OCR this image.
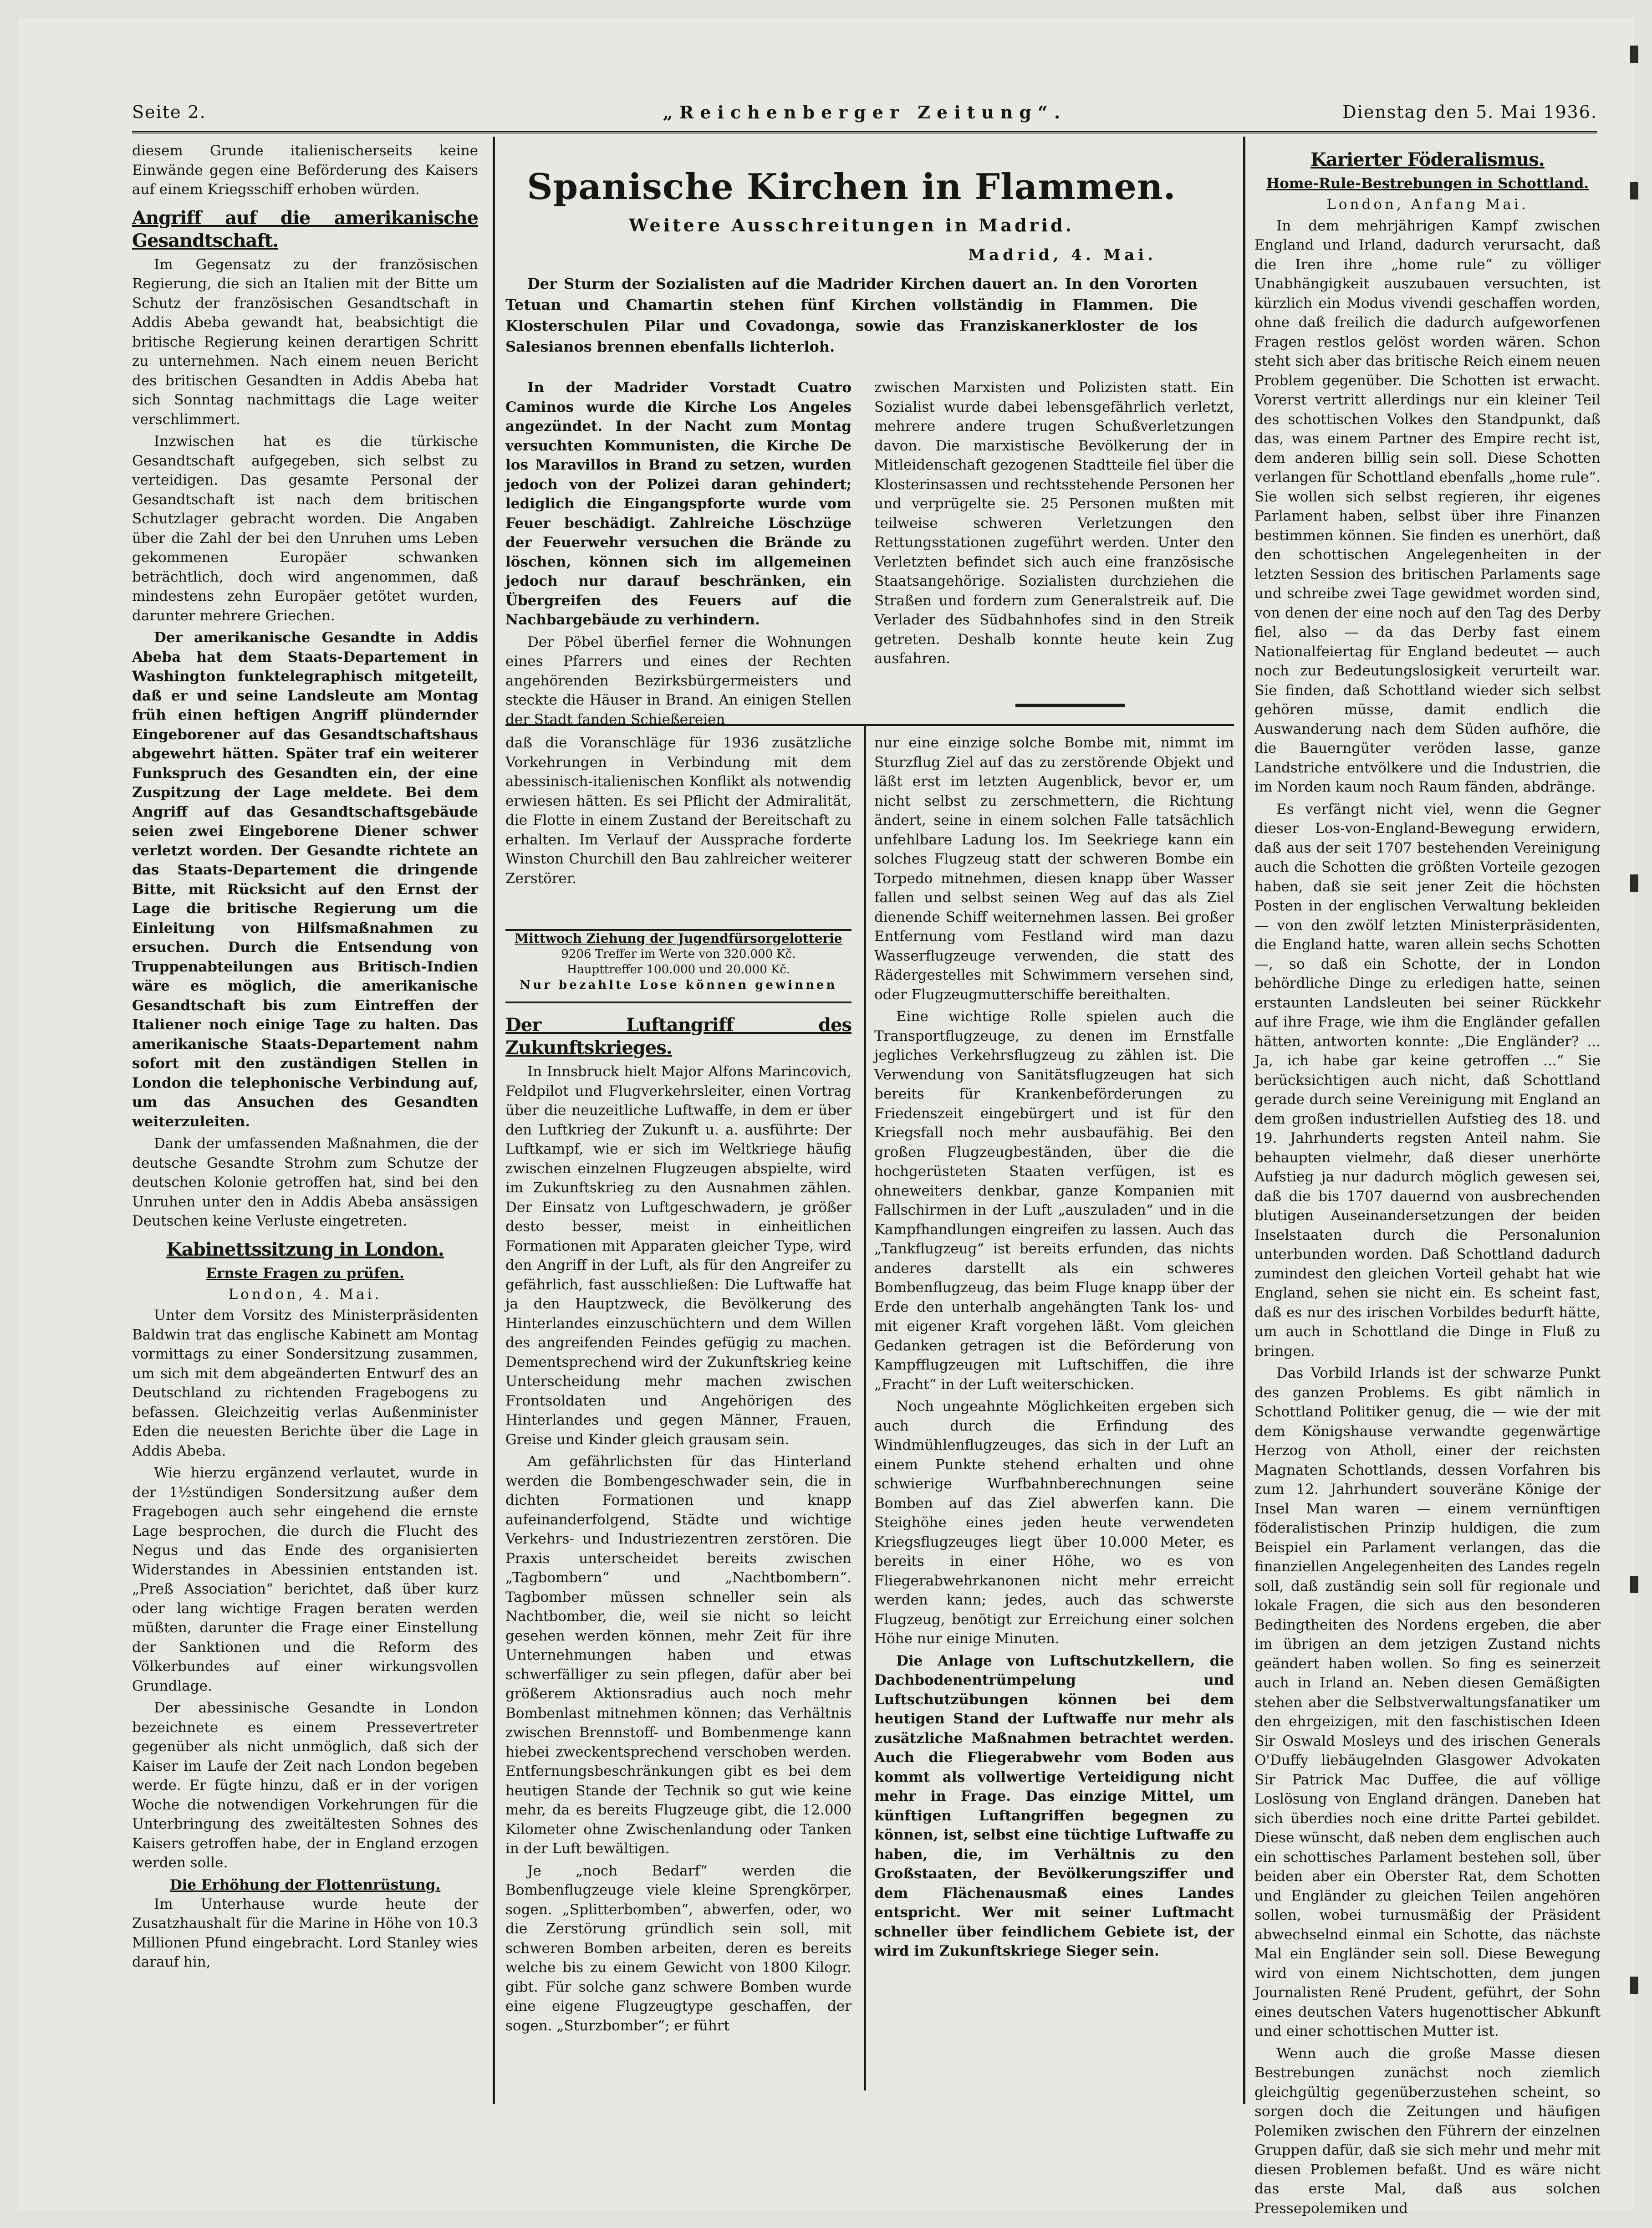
Seite 2.	„Reichenberger Zeitung“.	Dienstag den 5. Mai 1936.

diesem Grunde italienischerseits keine Einwände gegen eine Beförderung des Kaisers auf einem Kriegsschiff erhoben würden.

Angriff auf die amerikanische Gesandtschaft.

Im Gegensatz zu der französischen Regierung, die sich an Italien mit der Bitte um Schutz der französischen Gesandtschaft in Addis Abeba gewandt hat, beabsichtigt die britische Regierung keinen derartigen Schritt zu unternehmen. Nach einem neuen Bericht des britischen Gesandten in Addis Abeba hat sich Sonntag nachmittags die Lage weiter verschlimmert.

Inzwischen hat es die türkische Gesandtschaft aufgegeben, sich selbst zu verteidigen. Das gesamte Personal der Gesandtschaft ist nach dem britischen Schutzlager gebracht worden. Die Angaben über die Zahl der bei den Unruhen ums Leben gekommenen Europäer schwanken beträchtlich, doch wird angenommen, daß mindestens zehn Europäer getötet wurden, darunter mehrere Griechen.

Der amerikanische Gesandte in Addis Abeba hat dem Staats-Departement in Washington funktelegraphisch mitgeteilt, daß er und seine Landsleute am Montag früh einen heftigen Angriff plündernder Eingeborener auf das Gesandtschaftshaus abgewehrt hätten. Später traf ein weiterer Funkspruch des Gesandten ein, der eine Zuspitzung der Lage meldete. Bei dem Angriff auf das Gesandtschaftsgebäude seien zwei Eingeborene Diener schwer verletzt worden. Der Gesandte richtete an das Staats-Departement die dringende Bitte, mit Rücksicht auf den Ernst der Lage die britische Regierung um die Einleitung von Hilfsmaßnahmen zu ersuchen. Durch die Entsendung von Truppenabteilungen aus Britisch-Indien wäre es möglich, die amerikanische Gesandtschaft bis zum Eintreffen der Italiener noch einige Tage zu halten. Das amerikanische Staats-Departement nahm sofort mit den zuständigen Stellen in London die telephonische Verbindung auf, um das Ansuchen des Gesandten weiterzuleiten.

Dank der umfassenden Maßnahmen, die der deutsche Gesandte Strohm zum Schutze der deutschen Kolonie getroffen hat, sind bei den Unruhen unter den in Addis Abeba ansässigen Deutschen keine Verluste eingetreten.

Kabinettssitzung in London.
Ernste Fragen zu prüfen.
London, 4. Mai.

Unter dem Vorsitz des Ministerpräsidenten Baldwin trat das englische Kabinett am Montag vormittags zu einer Sondersitzung zusammen, um sich mit dem abgeänderten Entwurf des an Deutschland zu richtenden Fragebogens zu befassen. Gleichzeitig verlas Außenminister Eden die neuesten Berichte über die Lage in Addis Abeba.

Wie hierzu ergänzend verlautet, wurde in der 1½stündigen Sondersitzung außer dem Fragebogen auch sehr eingehend die ernste Lage besprochen, die durch die Flucht des Negus und das Ende des organisierten Widerstandes in Abessinien entstanden ist. „Preß Association“ berichtet, daß über kurz oder lang wichtige Fragen beraten werden müßten, darunter die Frage einer Einstellung der Sanktionen und die Reform des Völkerbundes auf einer wirkungsvollen Grundlage.

Der abessinische Gesandte in London bezeichnete es einem Pressevertreter gegenüber als nicht unmöglich, daß sich der Kaiser im Laufe der Zeit nach London begeben werde. Er fügte hinzu, daß er in der vorigen Woche die notwendigen Vorkehrungen für die Unterbringung des zweitältesten Sohnes des Kaisers getroffen habe, der in England erzogen werden solle.

Die Erhöhung der Flottenrüstung.

Im Unterhause wurde heute der Zusatzhaushalt für die Marine in Höhe von 10.3 Millionen Pfund eingebracht. Lord Stanley wies darauf hin,

Spanische Kirchen in Flammen.
Weitere Ausschreitungen in Madrid.
Madrid, 4. Mai.

Der Sturm der Sozialisten auf die Madrider Kirchen dauert an. In den Vororten Tetuan und Chamartin stehen fünf Kirchen vollständig in Flammen. Die Klosterschulen Pilar und Covadonga, sowie das Franziskanerkloster de los Salesianos brennen ebenfalls lichterloh.

In der Madrider Vorstadt Cuatro Caminos wurde die Kirche Los Angeles angezündet. In der Nacht zum Montag versuchten Kommunisten, die Kirche De los Maravillos in Brand zu setzen, wurden jedoch von der Polizei daran gehindert; lediglich die Eingangspforte wurde vom Feuer beschädigt. Zahlreiche Löschzüge der Feuerwehr versuchen die Brände zu löschen, können sich im allgemeinen jedoch nur darauf beschränken, ein Übergreifen des Feuers auf die Nachbargebäude zu verhindern.

Der Pöbel überfiel ferner die Wohnungen eines Pfarrers und eines der Rechten angehörenden Bezirksbürgermeisters und steckte die Häuser in Brand. An einigen Stellen der Stadt fanden Schießereien

zwischen Marxisten und Polizisten statt. Ein Sozialist wurde dabei lebensgefährlich verletzt, mehrere andere trugen Schußverletzungen davon. Die marxistische Bevölkerung der in Mitleidenschaft gezogenen Stadtteile fiel über die Klosterinsassen und rechtsstehende Personen her und verprügelte sie. 25 Personen mußten mit teilweise schweren Verletzungen den Rettungsstationen zugeführt werden. Unter den Verletzten befindet sich auch eine französische Staatsangehörige. Sozialisten durchziehen die Straßen und fordern zum Generalstreik auf. Die Verlader des Südbahnhofes sind in den Streik getreten. Deshalb konnte heute kein Zug ausfahren.

daß die Voranschläge für 1936 zusätzliche Vorkehrungen in Verbindung mit dem abessinisch-italienischen Konflikt als notwendig erwiesen hätten. Es sei Pflicht der Admiralität, die Flotte in einem Zustand der Bereitschaft zu erhalten. Im Verlauf der Aussprache forderte Winston Churchill den Bau zahlreicher weiterer Zerstörer.

Mittwoch Ziehung der Jugendfürsorgelotterie
9206 Treffer im Werte von 320.000 Kč.
Haupttreffer 100.000 und 20.000 Kč.
Nur bezahlte Lose können gewinnen
Der Luftangriff des Zukunftskrieges.

In Innsbruck hielt Major Alfons Marincovich, Feldpilot und Flugverkehrsleiter, einen Vortrag über die neuzeitliche Luftwaffe, in dem er über den Luftkrieg der Zukunft u. a. ausführte: Der Luftkampf, wie er sich im Weltkriege häufig zwischen einzelnen Flugzeugen abspielte, wird im Zukunftskrieg zu den Ausnahmen zählen. Der Einsatz von Luftgeschwadern, je größer desto besser, meist in einheitlichen Formationen mit Apparaten gleicher Type, wird den Angriff in der Luft, als für den Angreifer zu gefährlich, fast ausschließen: Die Luftwaffe hat ja den Hauptzweck, die Bevölkerung des Hinterlandes einzuschüchtern und dem Willen des angreifenden Feindes gefügig zu machen. Dementsprechend wird der Zukunftskrieg keine Unterscheidung mehr machen zwischen Frontsoldaten und Angehörigen des Hinterlandes und gegen Männer, Frauen, Greise und Kinder gleich grausam sein.

Am gefährlichsten für das Hinterland werden die Bombengeschwader sein, die in dichten Formationen und knapp aufeinanderfolgend, Städte und wichtige Verkehrs- und Industriezentren zerstören. Die Praxis unterscheidet bereits zwischen „Tagbombern“ und „Nachtbombern“. Tagbomber müssen schneller sein als Nachtbomber, die, weil sie nicht so leicht gesehen werden können, mehr Zeit für ihre Unternehmungen haben und etwas schwerfälliger zu sein pflegen, dafür aber bei größerem Aktionsradius auch noch mehr Bombenlast mitnehmen können; das Verhältnis zwischen Brennstoff- und Bombenmenge kann hiebei zweckentsprechend verschoben werden. Entfernungsbeschränkungen gibt es bei dem heutigen Stande der Technik so gut wie keine mehr, da es bereits Flugzeuge gibt, die 12.000 Kilometer ohne Zwischenlandung oder Tanken in der Luft bewältigen.

Je „noch Bedarf“ werden die Bombenflugzeuge viele kleine Sprengkörper, sogen. „Splitterbomben“, abwerfen, oder, wo die Zerstörung gründlich sein soll, mit schweren Bomben arbeiten, deren es bereits welche bis zu einem Gewicht von 1800 Kilogr. gibt. Für solche ganz schwere Bomben wurde eine eigene Flugzeugtype geschaffen, der sogen. „Sturzbomber“; er führt

nur eine einzige solche Bombe mit, nimmt im Sturzflug Ziel auf das zu zerstörende Objekt und läßt erst im letzten Augenblick, bevor er, um nicht selbst zu zerschmettern, die Richtung ändert, seine in einem solchen Falle tatsächlich unfehlbare Ladung los. Im Seekriege kann ein solches Flugzeug statt der schweren Bombe ein Torpedo mitnehmen, diesen knapp über Wasser fallen und selbst seinen Weg auf das als Ziel dienende Schiff weiternehmen lassen. Bei großer Entfernung vom Festland wird man dazu Wasserflugzeuge verwenden, die statt des Rädergestelles mit Schwimmern versehen sind, oder Flugzeugmutterschiffe bereithalten.

Eine wichtige Rolle spielen auch die Transportflugzeuge, zu denen im Ernstfalle jegliches Verkehrsflugzeug zu zählen ist. Die Verwendung von Sanitätsflugzeugen hat sich bereits für Krankenbeförderungen zu Friedenszeit eingebürgert und ist für den Kriegsfall noch mehr ausbaufähig. Bei den großen Flugzeugbeständen, über die die hochgerüsteten Staaten verfügen, ist es ohneweiters denkbar, ganze Kompanien mit Fallschirmen in der Luft „auszuladen“ und in die Kampfhandlungen eingreifen zu lassen. Auch das „Tankflugzeug“ ist bereits erfunden, das nichts anderes darstellt als ein schweres Bombenflugzeug, das beim Fluge knapp über der Erde den unterhalb angehängten Tank los- und mit eigener Kraft vorgehen läßt. Vom gleichen Gedanken getragen ist die Beförderung von Kampfflugzeugen mit Luftschiffen, die ihre „Fracht“ in der Luft weiterschicken.

Noch ungeahnte Möglichkeiten ergeben sich auch durch die Erfindung des Windmühlenflugzeuges, das sich in der Luft an einem Punkte stehend erhalten und ohne schwierige Wurfbahnberechnungen seine Bomben auf das Ziel abwerfen kann. Die Steighöhe eines jeden heute verwendeten Kriegsflugzeuges liegt über 10.000 Meter, es bereits in einer Höhe, wo es von Fliegerabwehrkanonen nicht mehr erreicht werden kann; jedes, auch das schwerste Flugzeug, benötigt zur Erreichung einer solchen Höhe nur einige Minuten.

Die Anlage von Luftschutzkellern, die Dachbodenentrümpelung und Luftschutzübungen können bei dem heutigen Stand der Luftwaffe nur mehr als zusätzliche Maßnahmen betrachtet werden. Auch die Fliegerabwehr vom Boden aus kommt als vollwertige Verteidigung nicht mehr in Frage. Das einzige Mittel, um künftigen Luftangriffen begegnen zu können, ist, selbst eine tüchtige Luftwaffe zu haben, die, im Verhältnis zu den Großstaaten, der Bevölkerungsziffer und dem Flächenausmaß eines Landes entspricht. Wer mit seiner Luftmacht schneller über feindlichem Gebiete ist, der wird im Zukunftskriege Sieger sein.

Karierter Föderalismus.
Home-Rule-Bestrebungen in Schottland.
London, Anfang Mai.

In dem mehrjährigen Kampf zwischen England und Irland, dadurch verursacht, daß die Iren ihre „home rule“ zu völliger Unabhängigkeit auszubauen versuchten, ist kürzlich ein Modus vivendi geschaffen worden, ohne daß freilich die dadurch aufgeworfenen Fragen restlos gelöst worden wären. Schon steht sich aber das britische Reich einem neuen Problem gegenüber. Die Schotten ist erwacht. Vorerst vertritt allerdings nur ein kleiner Teil des schottischen Volkes den Standpunkt, daß das, was einem Partner des Empire recht ist, dem anderen billig sein soll. Diese Schotten verlangen für Schottland ebenfalls „home rule“. Sie wollen sich selbst regieren, ihr eigenes Parlament haben, selbst über ihre Finanzen bestimmen können. Sie finden es unerhört, daß den schottischen Angelegenheiten in der letzten Session des britischen Parlaments sage und schreibe zwei Tage gewidmet worden sind, von denen der eine noch auf den Tag des Derby fiel, also — da das Derby fast einem Nationalfeiertag für England bedeutet — auch noch zur Bedeutungslosigkeit verurteilt war. Sie finden, daß Schottland wieder sich selbst gehören müsse, damit endlich die Auswanderung nach dem Süden aufhöre, die die Bauerngüter veröden lasse, ganze Landstriche entvölkere und die Industrien, die im Norden kaum noch Raum fänden, abdränge.

Es verfängt nicht viel, wenn die Gegner dieser Los-von-England-Bewegung erwidern, daß aus der seit 1707 bestehenden Vereinigung auch die Schotten die größten Vorteile gezogen haben, daß sie seit jener Zeit die höchsten Posten in der englischen Verwaltung bekleiden — von den zwölf letzten Ministerpräsidenten, die England hatte, waren allein sechs Schotten —, so daß ein Schotte, der in London behördliche Dinge zu erledigen hatte, seinen erstaunten Landsleuten bei seiner Rückkehr auf ihre Frage, wie ihm die Engländer gefallen hätten, antworten konnte: „Die Engländer? ... Ja, ich habe gar keine getroffen ...“ Sie berücksichtigen auch nicht, daß Schottland gerade durch seine Vereinigung mit England an dem großen industriellen Aufstieg des 18. und 19. Jahrhunderts regsten Anteil nahm. Sie behaupten vielmehr, daß dieser unerhörte Aufstieg ja nur dadurch möglich gewesen sei, daß die bis 1707 dauernd von ausbrechenden blutigen Auseinandersetzungen der beiden Inselstaaten durch die Personalunion unterbunden worden. Daß Schottland dadurch zumindest den gleichen Vorteil gehabt hat wie England, sehen sie nicht ein. Es scheint fast, daß es nur des irischen Vorbildes bedurft hätte, um auch in Schottland die Dinge in Fluß zu bringen.

Das Vorbild Irlands ist der schwarze Punkt des ganzen Problems. Es gibt nämlich in Schottland Politiker genug, die — wie der mit dem Königshause verwandte gegenwärtige Herzog von Atholl, einer der reichsten Magnaten Schottlands, dessen Vorfahren bis zum 12. Jahrhundert souveräne Könige der Insel Man waren — einem vernünftigen föderalistischen Prinzip huldigen, die zum Beispiel ein Parlament verlangen, das die finanziellen Angelegenheiten des Landes regeln soll, daß zuständig sein soll für regionale und lokale Fragen, die sich aus den besonderen Bedingtheiten des Nordens ergeben, die aber im übrigen an dem jetzigen Zustand nichts geändert haben wollen. So fing es seinerzeit auch in Irland an. Neben diesen Gemäßigten stehen aber die Selbstverwaltungsfanatiker um den ehrgeizigen, mit den faschistischen Ideen Sir Oswald Mosleys und des irischen Generals O'Duffy liebäugelnden Glasgower Advokaten Sir Patrick Mac Duffee, die auf völlige Loslösung von England drängen. Daneben hat sich überdies noch eine dritte Partei gebildet. Diese wünscht, daß neben dem englischen auch ein schottisches Parlament bestehen soll, über beiden aber ein Oberster Rat, dem Schotten und Engländer zu gleichen Teilen angehören sollen, wobei turnusmäßig der Präsident abwechselnd einmal ein Schotte, das nächste Mal ein Engländer sein soll. Diese Bewegung wird von einem Nichtschotten, dem jungen Journalisten René Prudent, geführt, der Sohn eines deutschen Vaters hugenottischer Abkunft und einer schottischen Mutter ist.

Wenn auch die große Masse diesen Bestrebungen zunächst noch ziemlich gleichgültig gegenüberzustehen scheint, so sorgen doch die Zeitungen und häufigen Polemiken zwischen den Führern der einzelnen Gruppen dafür, daß sie sich mehr und mehr mit diesen Problemen befaßt. Und es wäre nicht das erste Mal, daß aus solchen Pressepolemiken und
